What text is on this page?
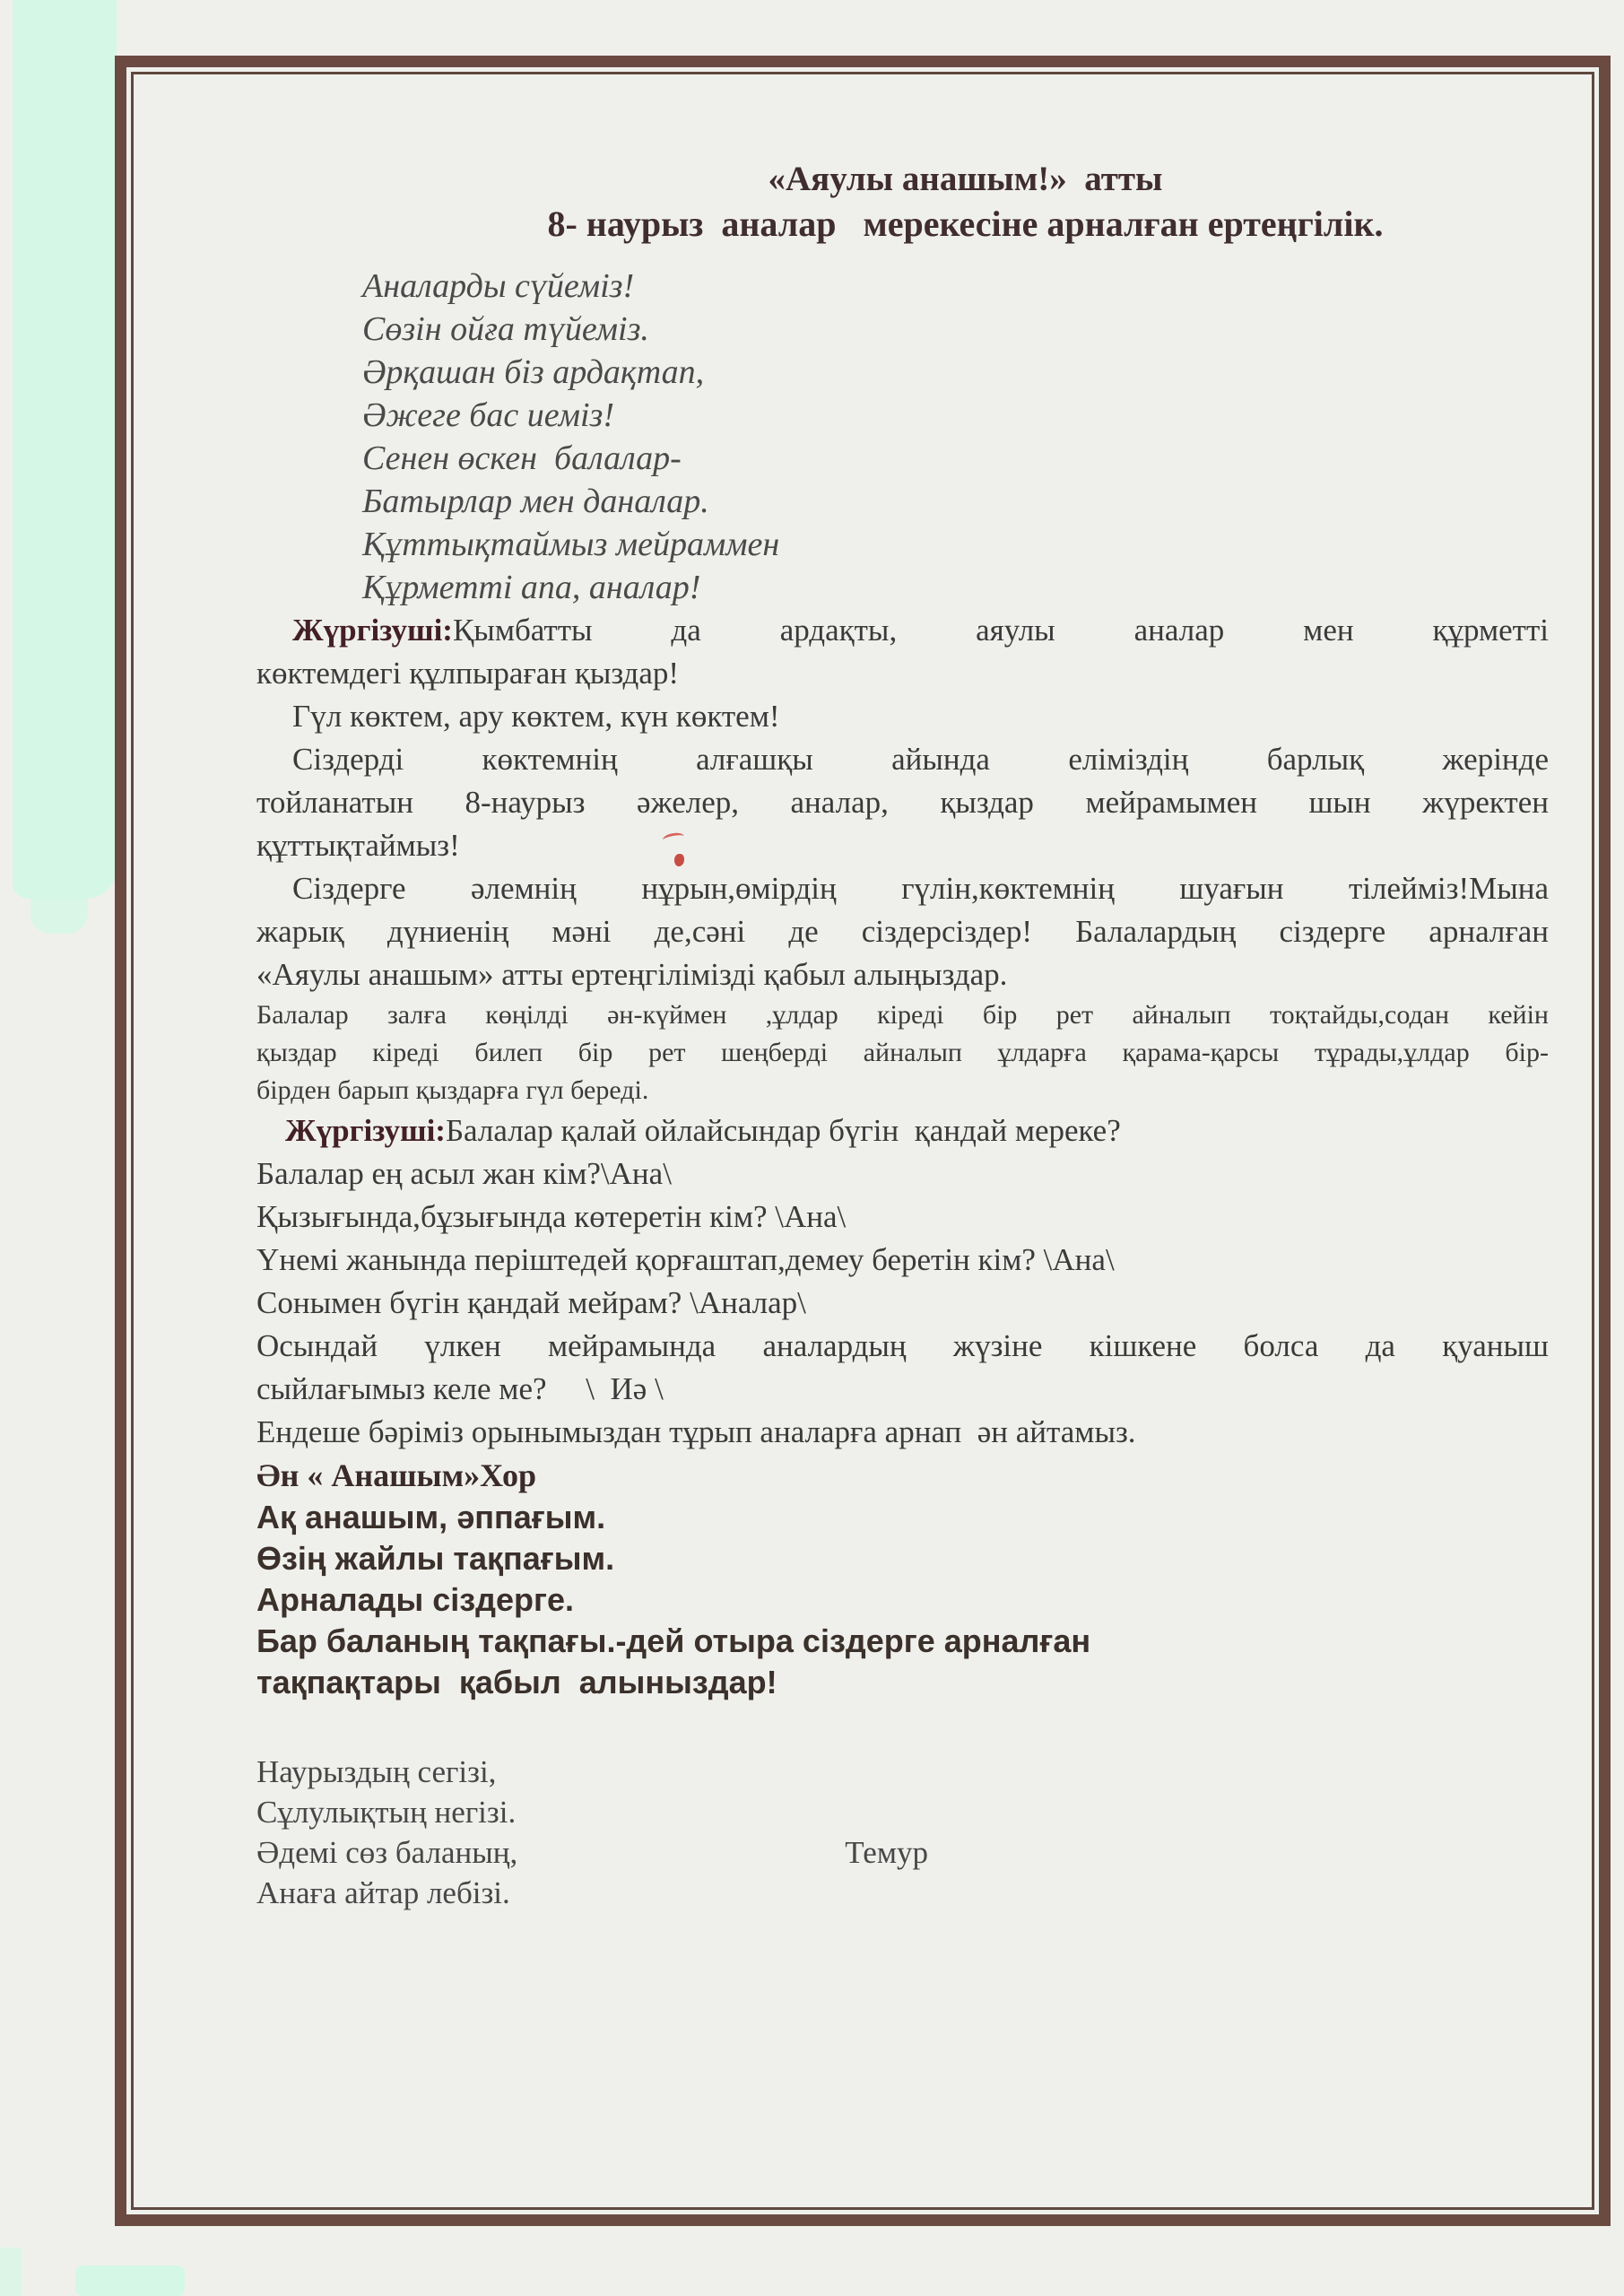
«Аяулы анашым!»  атты
8- наурыз  аналар   мерекесіне арналған ертеңгілік.
Аналарды сүйеміз!
Сөзін ойға түйеміз.
Әрқашан біз ардақтап,
Әжеге бас иеміз!
Сенен өскен  балалар-
Батырлар мен даналар.
Құттықтаймыз мейраммен
Құрметті апа, аналар!
Жүргізуші:Қымбатты да ардақты, аяулы аналар мен құрметті
көктемдегі құлпыраған қыздар!
Гүл көктем, ару көктем, күн көктем!
Сіздерді көктемнің алғашқы айында еліміздің барлық жерінде
тойланатын 8-наурыз әжелер, аналар, қыздар мейрамымен шын жүректен
құттықтаймыз!
Сіздерге әлемнің нұрын,өмірдің гүлін,көктемнің шуағын тілейміз!Мына
жарық дүниенің мәні де,сәні де сіздерсіздер! Балалардың сіздерге арналған
«Аяулы анашым» атты ертеңгілімізді қабыл алыңыздар.
Балалар залға көңілді ән-күймен ,ұлдар кіреді бір рет айналып тоқтайды,содан кейін
қыздар кіреді билеп бір рет шеңберді айналып ұлдарға қарама-қарсы тұрады,ұлдар бір-
бірден барып қыздарға гүл береді.
Жүргізуші:Балалар қалай ойлайсындар бүгін  қандай мереке?
Балалар ең асыл жан кім?\Ана\
Қызығында,бұзығында көтеретін кім? \Ана\
Үнемі жанында періштедей қорғаштап,демеу беретін кім? \Ана\
Сонымен бүгін қандай мейрам? \Аналар\
Осындай үлкен мейрамында аналардың жүзіне кішкене болса да қуаныш
сыйлағымыз келе ме?     \  Иә \
Ендеше бәріміз орынымыздан тұрып аналарға арнап  ән айтамыз.
Ән « Анашым»Хор
Ақ анашым, әппағым.
Өзің жайлы тақпағым.
Арналады сіздерге.
Бар баланың тақпағы.-дей отыра сіздерге арналған
тақпақтары  қабыл  алыныздар!
Наурыздың сегізі,
Сұлулықтың негізі.
Әдемі сөз баланың,	Темур
Анаға айтар лебізі.
